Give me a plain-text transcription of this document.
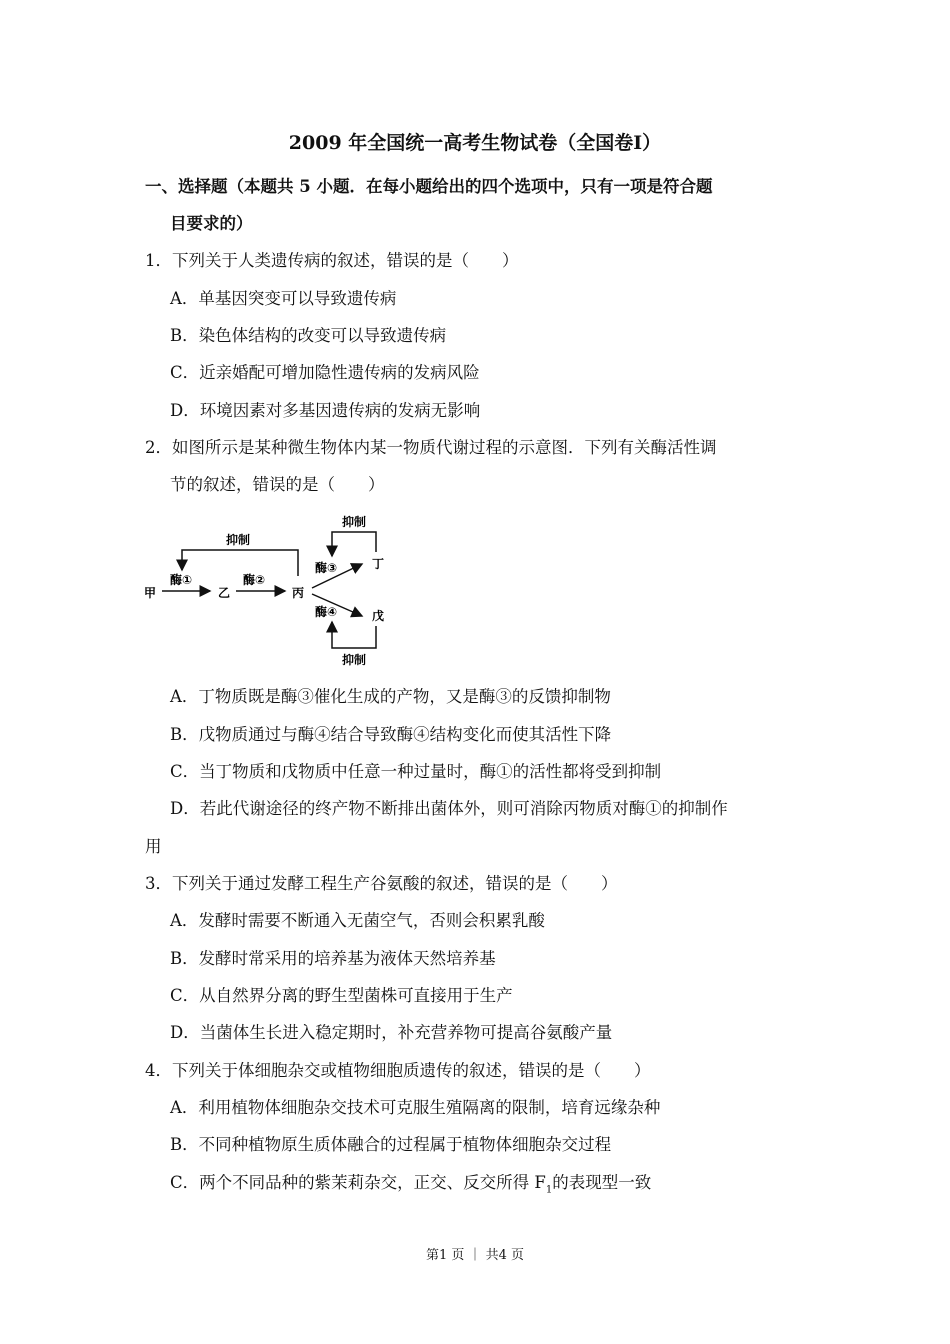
2009 年全国统一高考生物试卷（全国卷I）
一、选择题（本题共 5 小题．在每小题给出的四个选项中，只有一项是符合题
目要求的）
1．下列关于人类遗传病的叙述，错误的是（　　）
A．单基因突变可以导致遗传病
B．染色体结构的改变可以导致遗传病
C．近亲婚配可增加隐性遗传病的发病风险
D．环境因素对多基因遗传病的发病无影响
2．如图所示是某种微生物体内某一物质代谢过程的示意图．下列有关酶活性调
节的叙述，错误的是（　　）
甲	乙	丙
丁
戊
酶①	酶②
酶③
酶④
抑制
抑制
抑制
A．丁物质既是酶③催化生成的产物，又是酶③的反馈抑制物
B．戊物质通过与酶④结合导致酶④结构变化而使其活性下降
C．当丁物质和戊物质中任意一种过量时，酶①的活性都将受到抑制
D．若此代谢途径的终产物不断排出菌体外，则可消除丙物质对酶①的抑制作
用
3．下列关于通过发酵工程生产谷氨酸的叙述，错误的是（　　）
A．发酵时需要不断通入无菌空气，否则会积累乳酸
B．发酵时常采用的培养基为液体天然培养基
C．从自然界分离的野生型菌株可直接用于生产
D．当菌体生长进入稳定期时，补充营养物可提高谷氨酸产量
4．下列关于体细胞杂交或植物细胞质遗传的叙述，错误的是（　　）
A．利用植物体细胞杂交技术可克服生殖隔离的限制，培育远缘杂种
B．不同种植物原生质体融合的过程属于植物体细胞杂交过程
C．两个不同品种的紫茉莉杂交，正交、反交所得 $F_1$的表现型一致
第1 页 ｜ 共4 页
